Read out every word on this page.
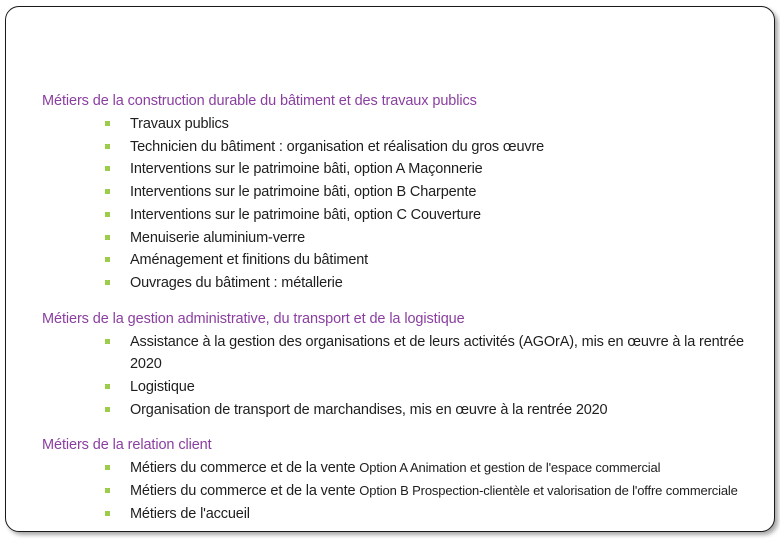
Métiers de la construction durable du bâtiment et des travaux publics

Travaux publics
Technicien du bâtiment : organisation et réalisation du gros œuvre
Interventions sur le patrimoine bâti, option A Maçonnerie
Interventions sur le patrimoine bâti, option B Charpente
Interventions sur le patrimoine bâti, option C Couverture
Menuiserie aluminium-verre
Aménagement et finitions du bâtiment
Ouvrages du bâtiment : métallerie

Métiers de la gestion administrative, du transport et de la logistique

Assistance à la gestion des organisations et de leurs activités (AGOrA), mis en œuvre à la rentrée 2020
Logistique
Organisation de transport de marchandises, mis en œuvre à la rentrée 2020

Métiers de la relation client

Métiers du commerce et de la vente Option A Animation et gestion de l'espace commercial
Métiers du commerce et de la vente Option B Prospection-clientèle et valorisation de l'offre commerciale
Métiers de l'accueil
